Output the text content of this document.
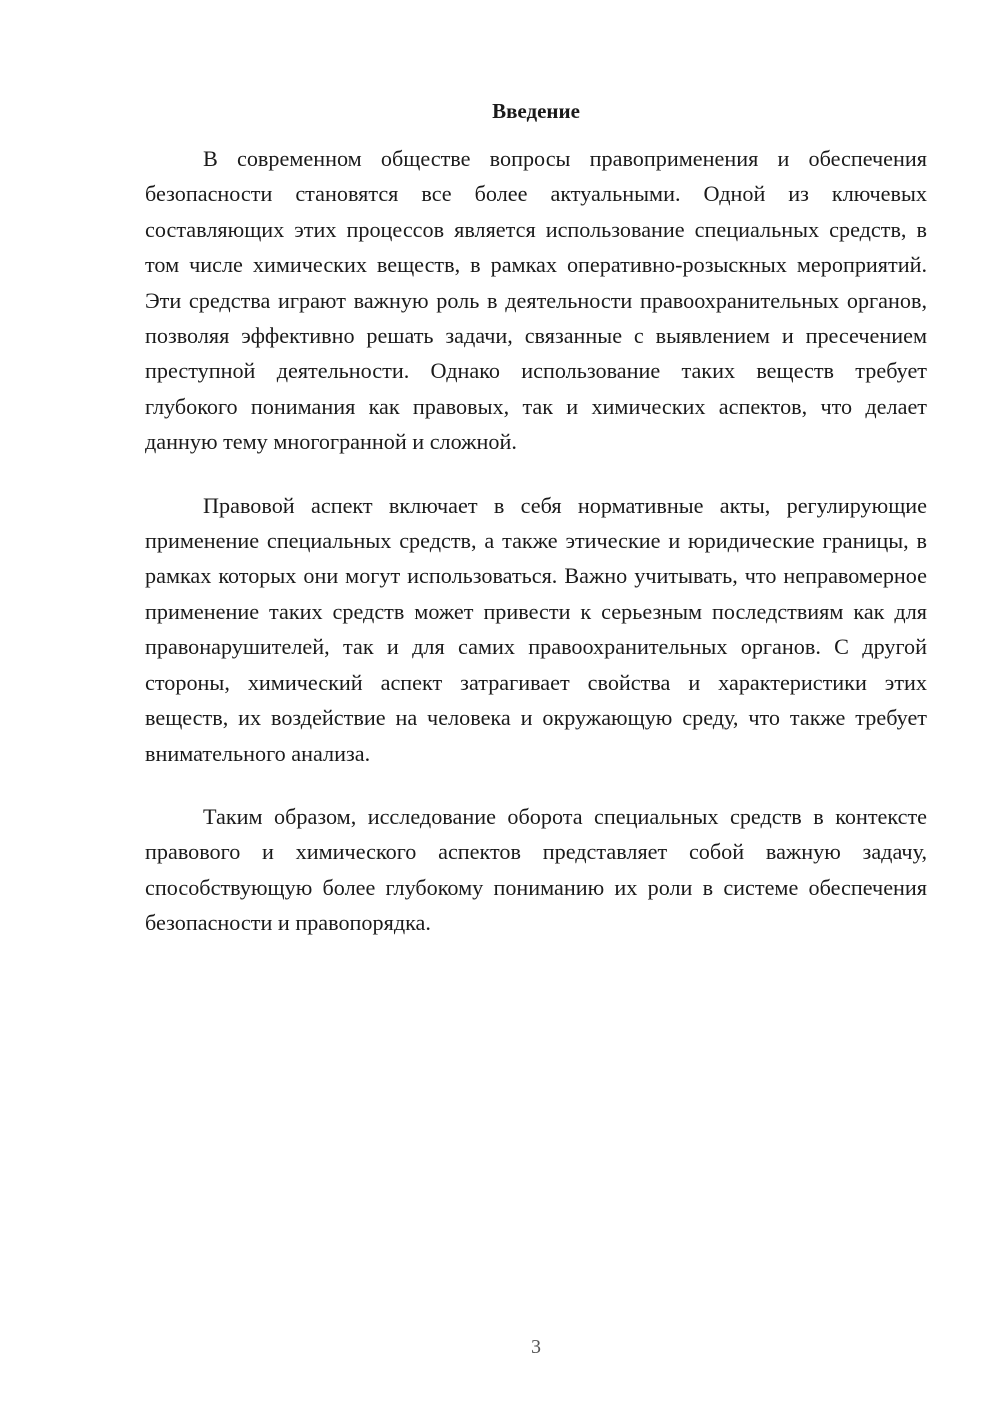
Введение

В современном обществе вопросы правоприменения и обеспечения безопасности становятся все более актуальными. Одной из ключевых составляющих этих процессов является использование специальных средств, в том числе химических веществ, в рамках оперативно-розыскных мероприятий. Эти средства играют важную роль в деятельности правоохранительных органов, позволяя эффективно решать задачи, связанные с выявлением и пресечением преступной деятельности. Однако использование таких веществ требует глубокого понимания как правовых, так и химических аспектов, что делает данную тему многогранной и сложной.

Правовой аспект включает в себя нормативные акты, регулирующие применение специальных средств, а также этические и юридические границы, в рамках которых они могут использоваться. Важно учитывать, что неправомерное применение таких средств может привести к серьезным последствиям как для правонарушителей, так и для самих правоохранительных органов. С другой стороны, химический аспект затрагивает свойства и характеристики этих веществ, их воздействие на человека и окружающую среду, что также требует внимательного анализа.

Таким образом, исследование оборота специальных средств в контексте правового и химического аспектов представляет собой важную задачу, способствующую более глубокому пониманию их роли в системе обеспечения безопасности и правопорядка.

3
